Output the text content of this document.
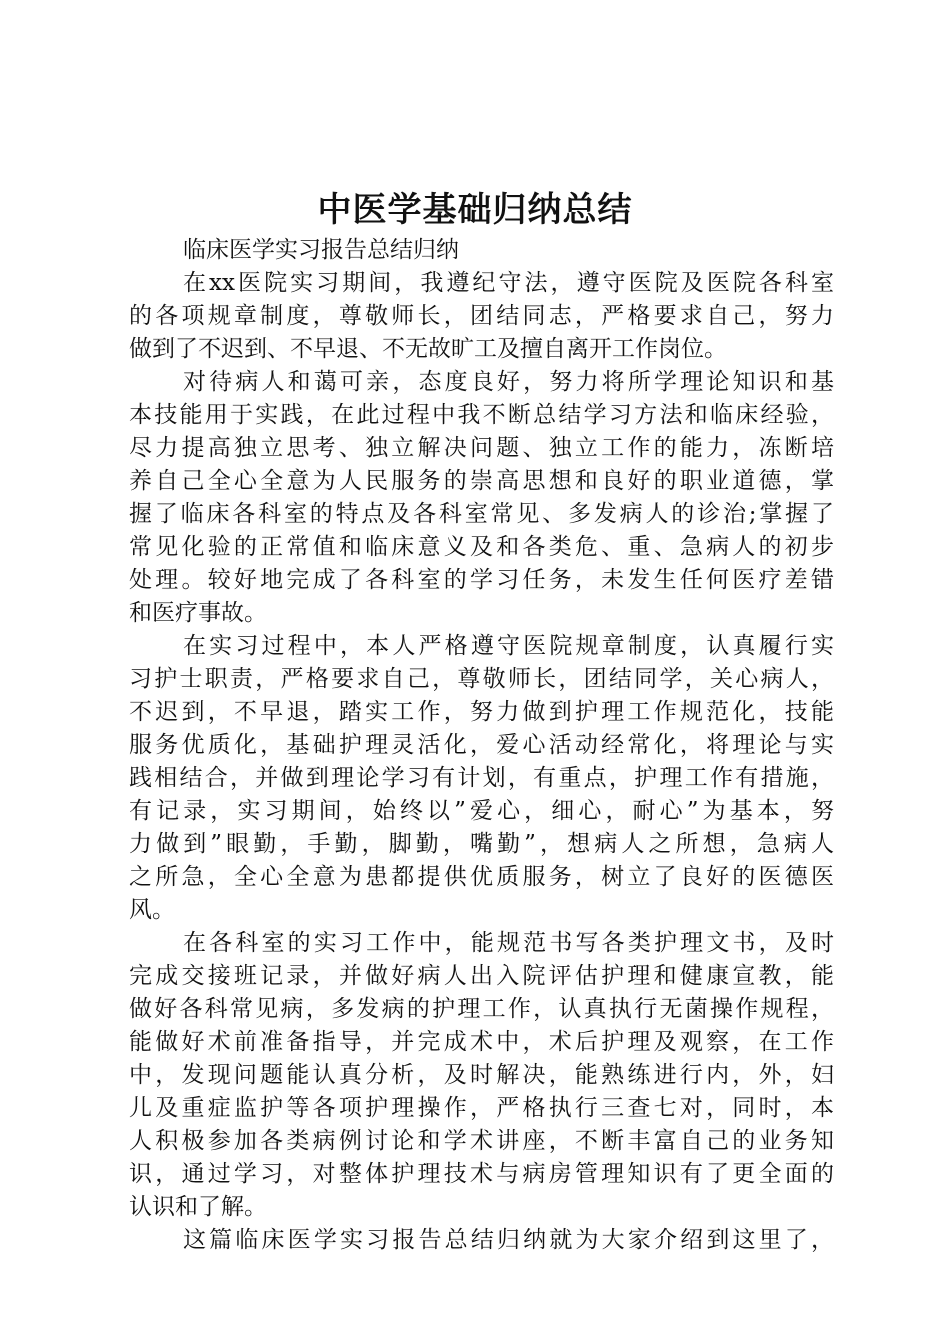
中医学基础归纳总结
临床医学实习报告总结归纳
在xx医院实习期间，我遵纪守法，遵守医院及医院各科室
的各项规章制度，尊敬师长，团结同志，严格要求自己，努力
做到了不迟到、不早退、不无故旷工及擅自离开工作岗位。
对待病人和蔼可亲，态度良好，努力将所学理论知识和基
本技能用于实践，在此过程中我不断总结学习方法和临床经验，
尽力提高独立思考、独立解决问题、独立工作的能力，冻断培
养自己全心全意为人民服务的崇高思想和良好的职业道德，掌
握了临床各科室的特点及各科室常见、多发病人的诊治;掌握了
常见化验的正常值和临床意义及和各类危、重、急病人的初步
处理。较好地完成了各科室的学习任务，未发生任何医疗差错
和医疗事故。
在实习过程中，本人严格遵守医院规章制度，认真履行实
习护士职责，严格要求自己，尊敬师长，团结同学，关心病人，
不迟到，不早退，踏实工作，努力做到护理工作规范化，技能
服务优质化，基础护理灵活化，爱心活动经常化，将理论与实
践相结合，并做到理论学习有计划，有重点，护理工作有措施，
有记录，实习期间，始终以”爱心，细心，耐心”为基本，努
力做到”眼勤，手勤，脚勤，嘴勤”，想病人之所想，急病人
之所急，全心全意为患都提供优质服务，树立了良好的医德医
风。
在各科室的实习工作中，能规范书写各类护理文书，及时
完成交接班记录，并做好病人出入院评估护理和健康宣教，能
做好各科常见病，多发病的护理工作，认真执行无菌操作规程，
能做好术前准备指导，并完成术中，术后护理及观察，在工作
中，发现问题能认真分析，及时解决，能熟练进行内，外，妇
儿及重症监护等各项护理操作，严格执行三查七对，同时，本
人积极参加各类病例讨论和学术讲座，不断丰富自己的业务知
识，通过学习，对整体护理技术与病房管理知识有了更全面的
认识和了解。
这篇临床医学实习报告总结归纳就为大家介绍到这里了，
